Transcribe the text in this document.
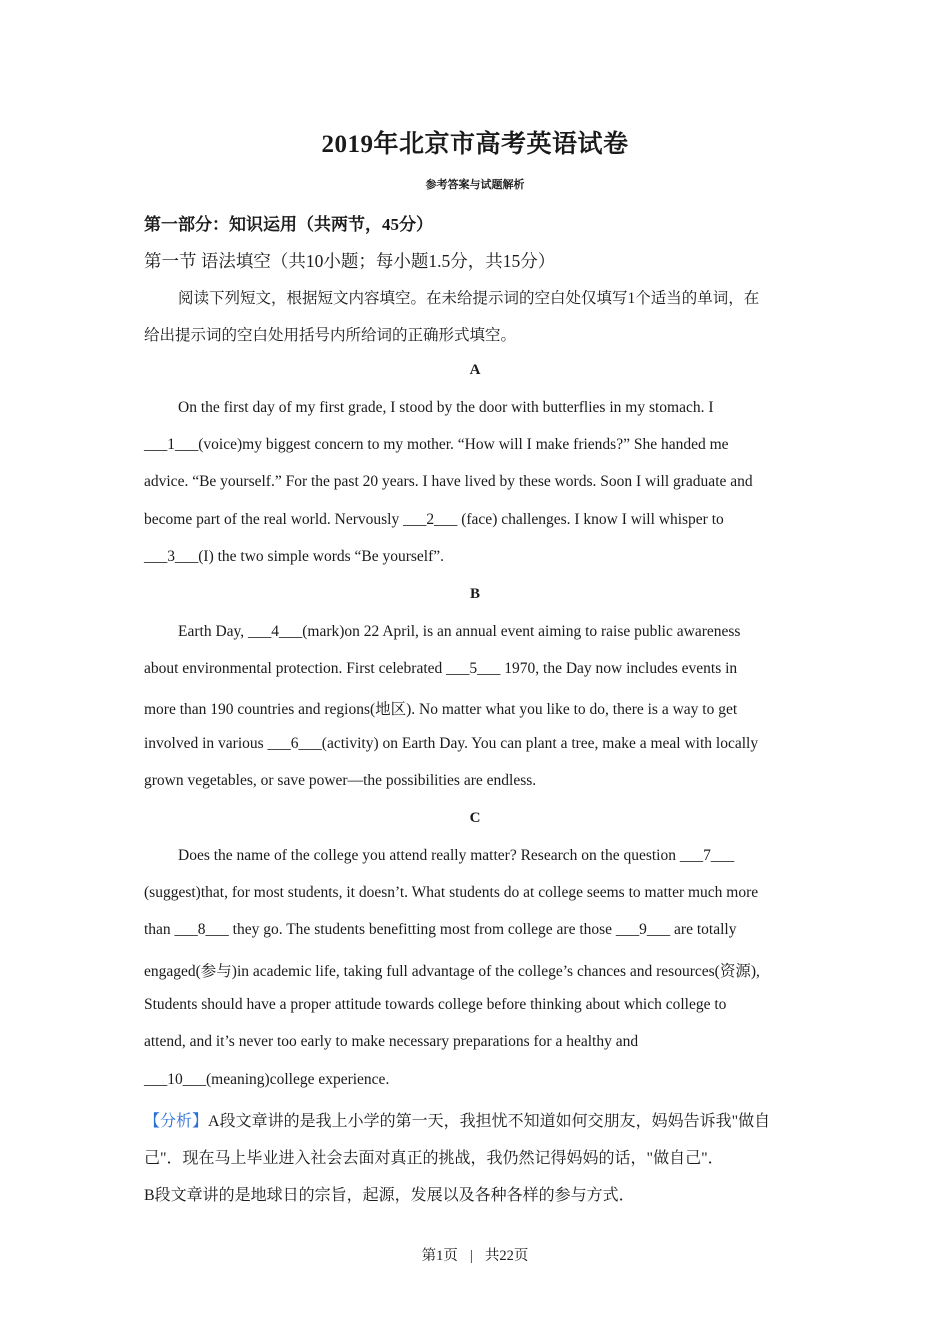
2019年北京市高考英语试卷
参考答案与试题解析
第一部分：知识运用（共两节，45分）
第一节 语法填空（共10小题；每小题1.5分，共15分）
阅读下列短文，根据短文内容填空。在未给提示词的空白处仅填写1个适当的单词，在
给出提示词的空白处用括号内所给词的正确形式填空。
A
On the first day of my first grade, I stood by the door with butterflies in my stomach. I
___1___(voice)my biggest concern to my mother. “How will I make friends?” She handed me
advice. “Be yourself.” For the past 20 years. I have lived by these words. Soon I will graduate and
become part of the real world. Nervously ___2___ (face) challenges. I know I will whisper to
___3___(I) the two simple words “Be yourself”.
B
Earth Day, ___4___(mark)on 22 April, is an annual event aiming to raise public awareness
about environmental protection. First celebrated ___5___ 1970, the Day now includes events in
more than 190 countries and regions(地区). No matter what you like to do, there is a way to get
involved in various ___6___(activity) on Earth Day. You can plant a tree, make a meal with locally
grown vegetables, or save power—the possibilities are endless.
C
Does the name of the college you attend really matter? Research on the question ___7___
(suggest)that, for most students, it doesn’t. What students do at college seems to matter much more
than ___8___ they go. The students benefitting most from college are those ___9___ are totally
engaged(参与)in academic life, taking full advantage of the college’s chances and resources(资源),
Students should have a proper attitude towards college before thinking about which college to
attend, and it’s never too early to make necessary preparations for a healthy and
___10___(meaning)college experience.
【分析】A段文章讲的是我上小学的第一天，我担忧不知道如何交朋友，妈妈告诉我"做自
己"．现在马上毕业进入社会去面对真正的挑战，我仍然记得妈妈的话，"做自己"．
B段文章讲的是地球日的宗旨，起源，发展以及各种各样的参与方式．
第1页 | 共22页
